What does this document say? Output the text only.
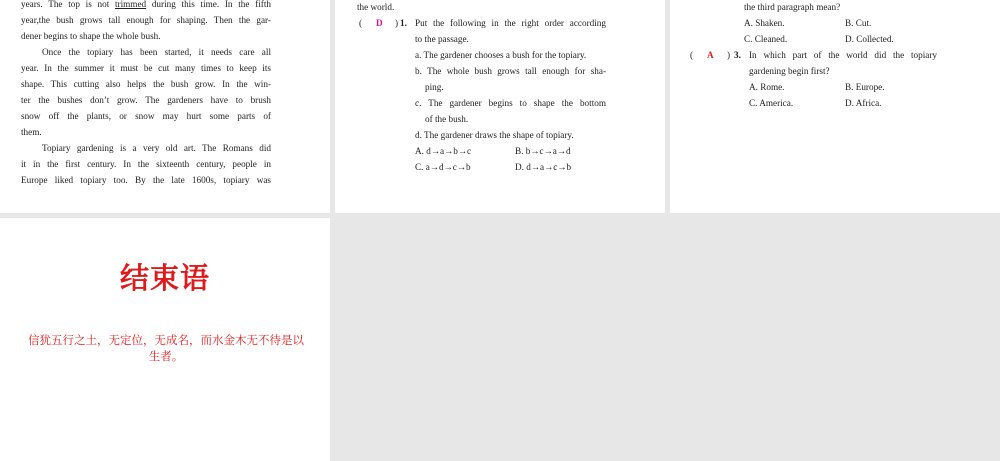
years. The top is not trimmed during this time. In the fifth
year,the bush grows tall enough for shaping. Then the gar-
dener begins to shape the whole bush.
Once the topiary has been started, it needs care all
year. In the summer it must be cut many times to keep its
shape. This cutting also helps the bush grow. In the win-
ter the bushes don’t grow. The gardeners have to brush
snow off the plants, or snow may hurt some parts of
them.
Topiary gardening is a very old art. The Romans did
it in the first century. In the sixteenth century, people in
Europe liked topiary too. By the late 1600s, topiary was
the world.
( D ) 1. Put the following in the right order according
to the passage.
a. The gardener chooses a bush for the topiary.
b. The whole bush grows tall enough for sha-
ping.
c. The gardener begins to shape the bottom
of the bush.
d. The gardener draws the shape of topiary.
A. d→a→b→c	B. b→c→a→d
C. a→d→c→b	D. d→a→c→b
the third paragraph mean?
A. Shaken.	B. Cut.
C. Cleaned.	D. Collected.
( A ) 3. In which part of the world did the topiary
gardening begin first?
A. Rome.	B. Europe.
C. America.	D. Africa.
结束语
信犹五行之土，无定位，无成名，而水金木无不待是以生者。
